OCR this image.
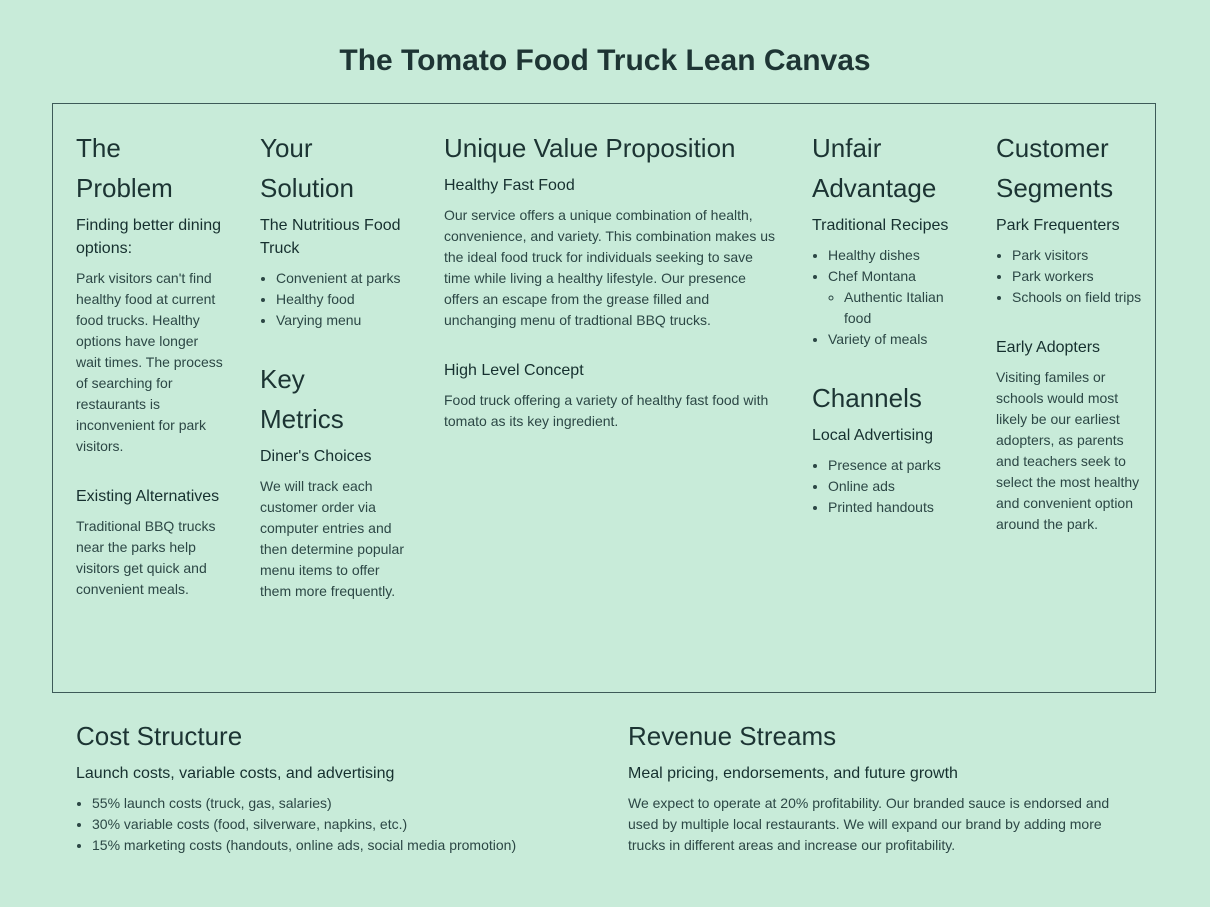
The Tomato Food Truck Lean Canvas
The
Problem
Finding better dining options:

Park visitors can't find healthy food at current food trucks. Healthy options have longer wait times. The process of searching for restaurants is inconvenient for park visitors.

Existing Alternatives

Traditional BBQ trucks near the parks help visitors get quick and convenient meals.

Your
Solution
The Nutritious Food Truck
• Convenient at parks
• Healthy food
• Varying menu
Key
Metrics
Diner's Choices

We will track each customer order via computer entries and then determine popular menu items to offer them more frequently.

Unique Value Proposition
Healthy Fast Food

Our service offers a unique combination of health, convenience, and variety. This combination makes us the ideal food truck for individuals seeking to save time while living a healthy lifestyle. Our presence offers an escape from the grease filled and unchanging menu of tradtional BBQ trucks.

High Level Concept

Food truck offering a variety of healthy fast food with tomato as its key ingredient.

Unfair
Advantage
Traditional Recipes
• Healthy dishes
• Chef Montana
◦ Authentic Italian food
• Variety of meals
Channels
Local Advertising
• Presence at parks
• Online ads
• Printed handouts
Customer
Segments
Park Frequenters
• Park visitors
• Park workers
• Schools on field trips
Early Adopters

Visiting familes or schools would most likely be our earliest adopters, as parents and teachers seek to select the most healthy and convenient option around the park.

Cost Structure
Launch costs, variable costs, and advertising
• 55% launch costs (truck, gas, salaries)
• 30% variable costs (food, silverware, napkins, etc.)
• 15% marketing costs (handouts, online ads, social media promotion)
Revenue Streams
Meal pricing, endorsements, and future growth

We expect to operate at 20% profitability. Our branded sauce is endorsed and used by multiple local restaurants. We will expand our brand by adding more trucks in different areas and increase our profitability.
